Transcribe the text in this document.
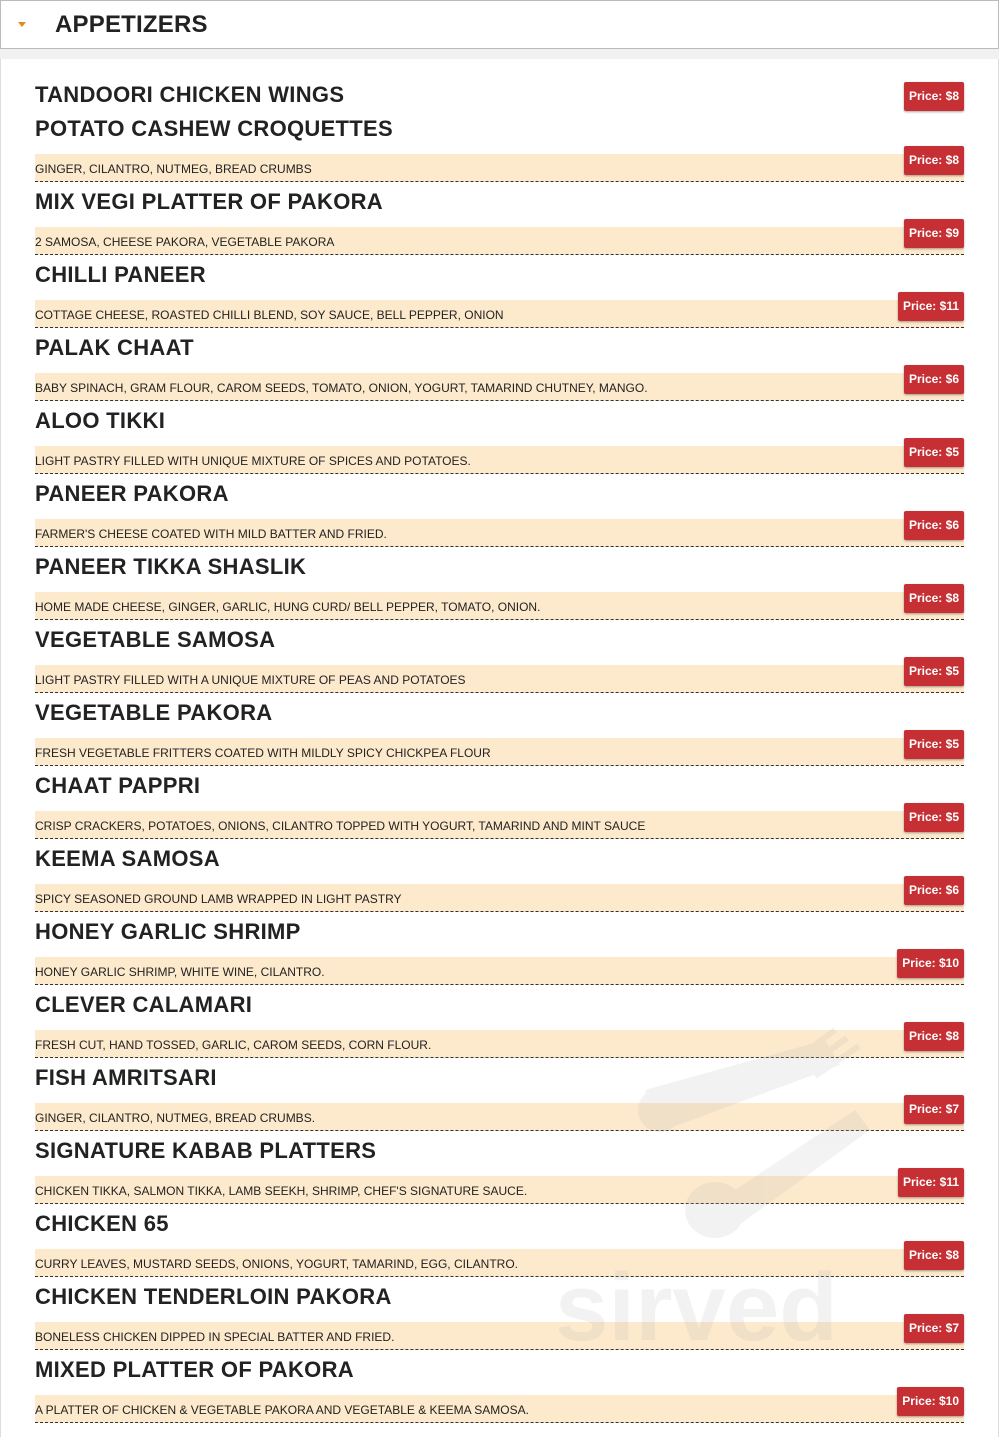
APPETIZERS
TANDOORI CHICKEN WINGS	Price: $8
POTATO CASHEW CROQUETTES
GINGER, CILANTRO, NUTMEG, BREAD CRUMBS
Price: $8
MIX VEGI PLATTER OF PAKORA
2 SAMOSA, CHEESE PAKORA, VEGETABLE PAKORA
Price: $9
CHILLI PANEER
COTTAGE CHEESE, ROASTED CHILLI BLEND, SOY SAUCE, BELL PEPPER, ONION
Price: $11
PALAK CHAAT
BABY SPINACH, GRAM FLOUR, CAROM SEEDS, TOMATO, ONION, YOGURT, TAMARIND CHUTNEY, MANGO.
Price: $6
ALOO TIKKI
LIGHT PASTRY FILLED WITH UNIQUE MIXTURE OF SPICES AND POTATOES.
Price: $5
PANEER PAKORA
FARMER'S CHEESE COATED WITH MILD BATTER AND FRIED.
Price: $6
PANEER TIKKA SHASLIK
HOME MADE CHEESE, GINGER, GARLIC, HUNG CURD/ BELL PEPPER, TOMATO, ONION.
Price: $8
VEGETABLE SAMOSA
LIGHT PASTRY FILLED WITH A UNIQUE MIXTURE OF PEAS AND POTATOES
Price: $5
VEGETABLE PAKORA
FRESH VEGETABLE FRITTERS COATED WITH MILDLY SPICY CHICKPEA FLOUR
Price: $5
CHAAT PAPPRI
CRISP CRACKERS, POTATOES, ONIONS, CILANTRO TOPPED WITH YOGURT, TAMARIND AND MINT SAUCE
Price: $5
KEEMA SAMOSA
SPICY SEASONED GROUND LAMB WRAPPED IN LIGHT PASTRY
Price: $6
HONEY GARLIC SHRIMP
HONEY GARLIC SHRIMP, WHITE WINE, CILANTRO.
Price: $10
CLEVER CALAMARI
FRESH CUT, HAND TOSSED, GARLIC, CAROM SEEDS, CORN FLOUR.
Price: $8
FISH AMRITSARI
GINGER, CILANTRO, NUTMEG, BREAD CRUMBS.
Price: $7
SIGNATURE KABAB PLATTERS
CHICKEN TIKKA, SALMON TIKKA, LAMB SEEKH, SHRIMP, CHEF'S SIGNATURE SAUCE.
Price: $11
CHICKEN 65
CURRY LEAVES, MUSTARD SEEDS, ONIONS, YOGURT, TAMARIND, EGG, CILANTRO.
Price: $8
CHICKEN TENDERLOIN PAKORA
BONELESS CHICKEN DIPPED IN SPECIAL BATTER AND FRIED.
Price: $7
MIXED PLATTER OF PAKORA
A PLATTER OF CHICKEN & VEGETABLE PAKORA AND VEGETABLE & KEEMA SAMOSA.
Price: $10
